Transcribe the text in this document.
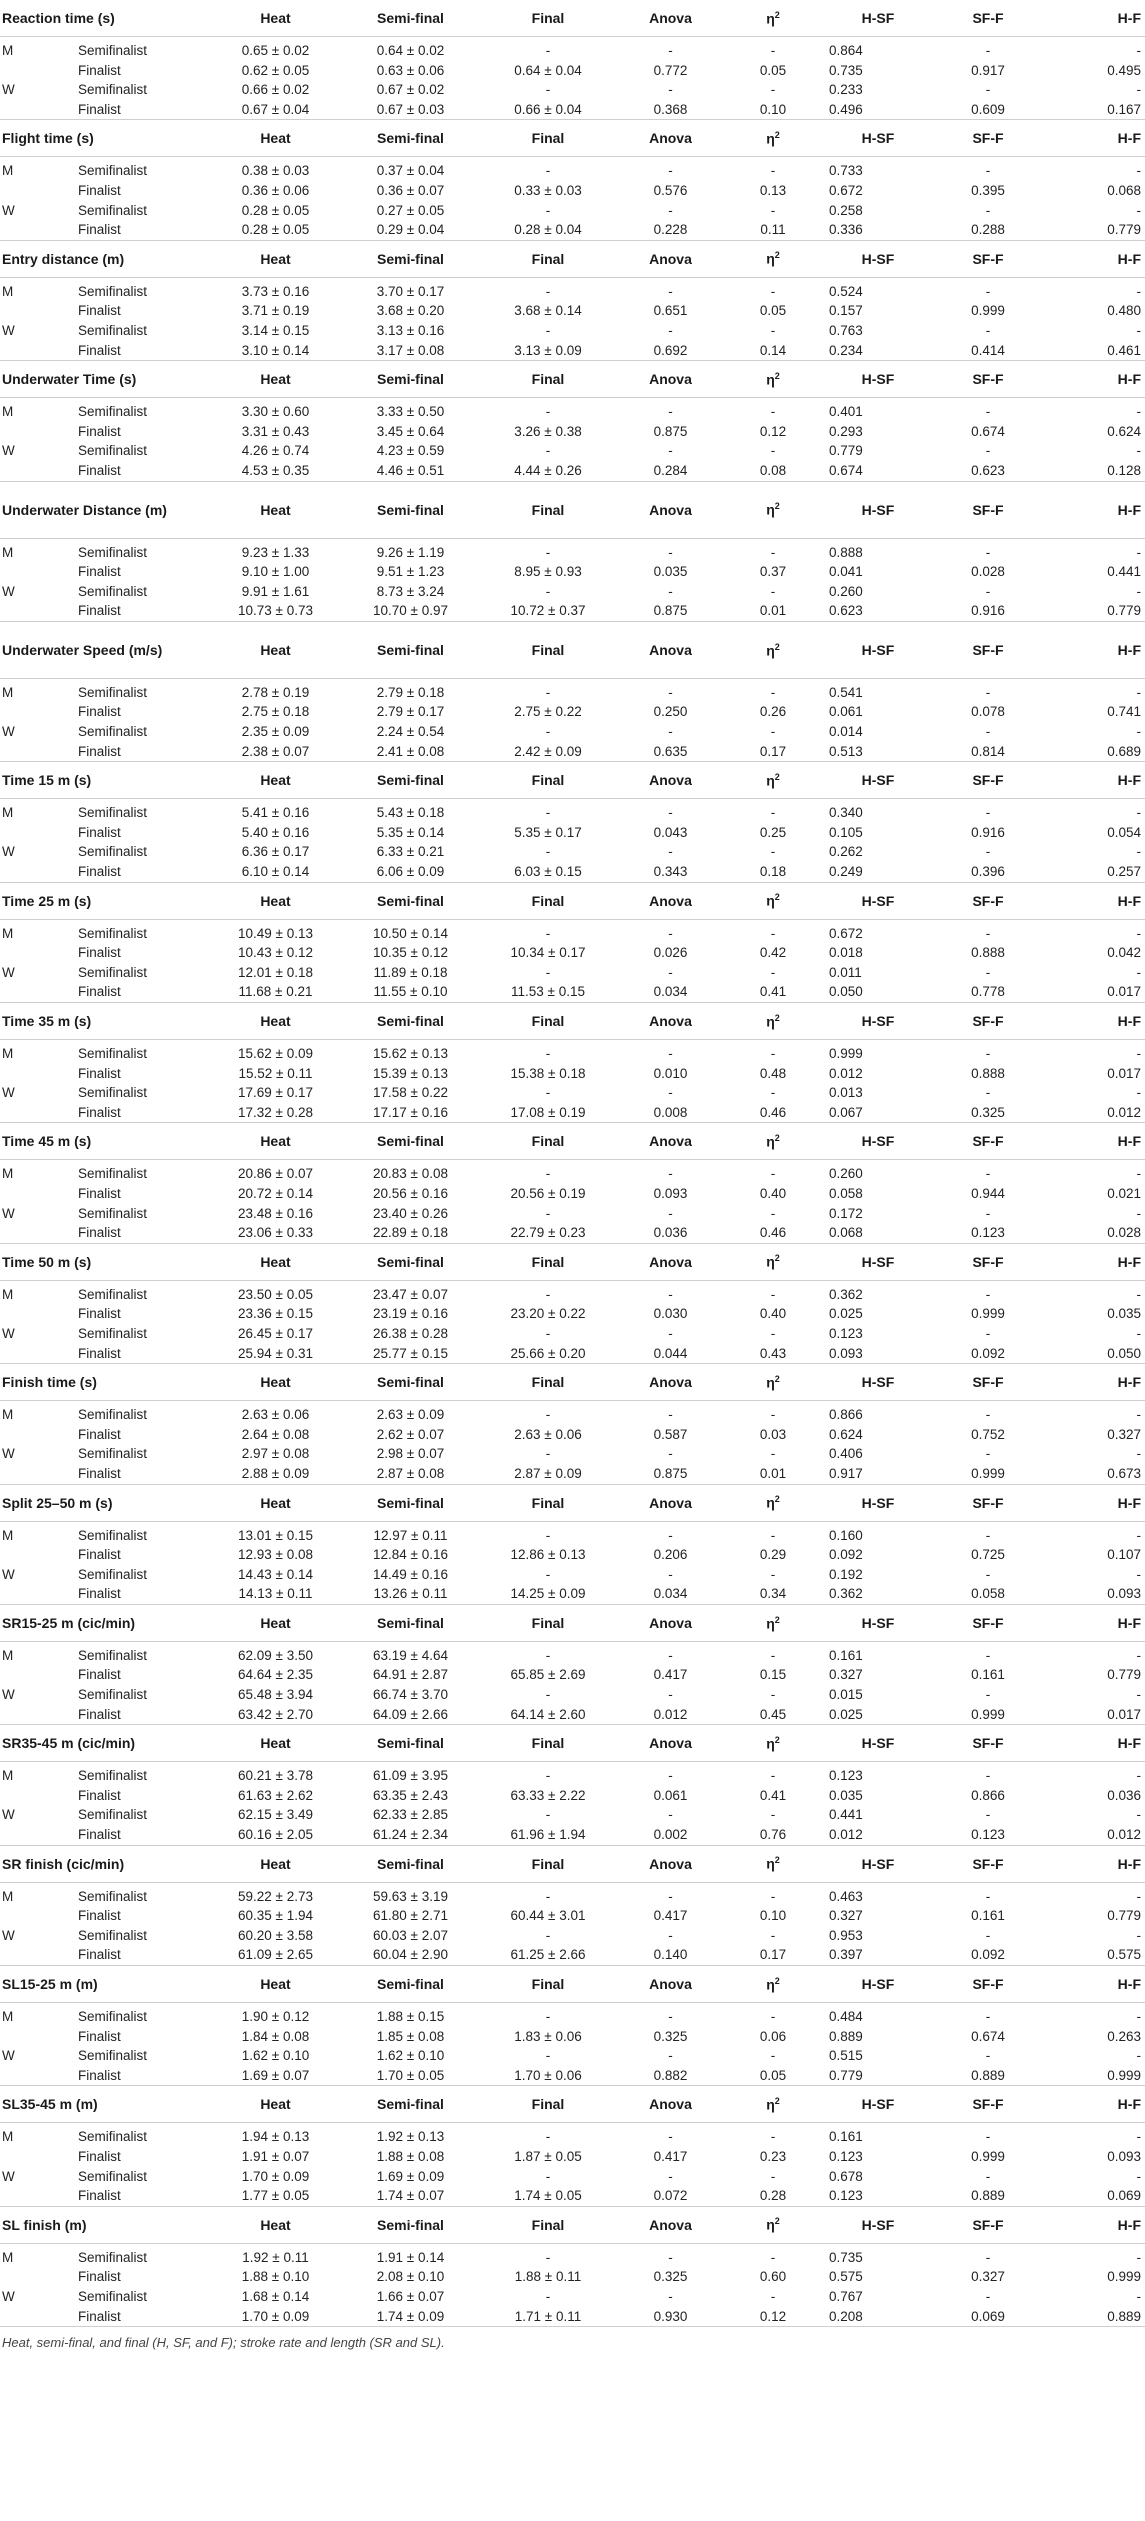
Reaction time (s)		Heat	Semi-final	Final	Anova	$\eta^2$	H-SF	SF-F	H-F

M	Semifinalist	0.65 ± 0.02	0.64 ± 0.02	-	-	-	0.864	-	-
	Finalist	0.62 ± 0.05	0.63 ± 0.06	0.64 ± 0.04	0.772	0.05	0.735	0.917	0.495
W	Semifinalist	0.66 ± 0.02	0.67 ± 0.02	-	-	-	0.233	-	-
	Finalist	0.67 ± 0.04	0.67 ± 0.03	0.66 ± 0.04	0.368	0.10	0.496	0.609	0.167
Flight time (s)		Heat	Semi-final	Final	Anova	$\eta^2$	H-SF	SF-F	H-F

M	Semifinalist	0.38 ± 0.03	0.37 ± 0.04	-	-	-	0.733	-	-
	Finalist	0.36 ± 0.06	0.36 ± 0.07	0.33 ± 0.03	0.576	0.13	0.672	0.395	0.068
W	Semifinalist	0.28 ± 0.05	0.27 ± 0.05	-	-	-	0.258	-	-
	Finalist	0.28 ± 0.05	0.29 ± 0.04	0.28 ± 0.04	0.228	0.11	0.336	0.288	0.779
Entry distance (m)		Heat	Semi-final	Final	Anova	$\eta^2$	H-SF	SF-F	H-F

M	Semifinalist	3.73 ± 0.16	3.70 ± 0.17	-	-	-	0.524	-	-
	Finalist	3.71 ± 0.19	3.68 ± 0.20	3.68 ± 0.14	0.651	0.05	0.157	0.999	0.480
W	Semifinalist	3.14 ± 0.15	3.13 ± 0.16	-	-	-	0.763	-	-
	Finalist	3.10 ± 0.14	3.17 ± 0.08	3.13 ± 0.09	0.692	0.14	0.234	0.414	0.461
Underwater Time (s)		Heat	Semi-final	Final	Anova	$\eta^2$	H-SF	SF-F	H-F

M	Semifinalist	3.30 ± 0.60	3.33 ± 0.50	-	-	-	0.401	-	-
	Finalist	3.31 ± 0.43	3.45 ± 0.64	3.26 ± 0.38	0.875	0.12	0.293	0.674	0.624
W	Semifinalist	4.26 ± 0.74	4.23 ± 0.59	-	-	-	0.779	-	-
	Finalist	4.53 ± 0.35	4.46 ± 0.51	4.44 ± 0.26	0.284	0.08	0.674	0.623	0.128
Underwater Distance (m)		Heat	Semi-final	Final	Anova	$\eta^2$	H-SF	SF-F	H-F

M	Semifinalist	9.23 ± 1.33	9.26 ± 1.19	-	-	-	0.888	-	-
	Finalist	9.10 ± 1.00	9.51 ± 1.23	8.95 ± 0.93	0.035	0.37	0.041	0.028	0.441
W	Semifinalist	9.91 ± 1.61	8.73 ± 3.24	-	-	-	0.260	-	-
	Finalist	10.73 ± 0.73	10.70 ± 0.97	10.72 ± 0.37	0.875	0.01	0.623	0.916	0.779
Underwater Speed (m/s)		Heat	Semi-final	Final	Anova	$\eta^2$	H-SF	SF-F	H-F

M	Semifinalist	2.78 ± 0.19	2.79 ± 0.18	-	-	-	0.541	-	-
	Finalist	2.75 ± 0.18	2.79 ± 0.17	2.75 ± 0.22	0.250	0.26	0.061	0.078	0.741
W	Semifinalist	2.35 ± 0.09	2.24 ± 0.54	-	-	-	0.014	-	-
	Finalist	2.38 ± 0.07	2.41 ± 0.08	2.42 ± 0.09	0.635	0.17	0.513	0.814	0.689
Time 15 m (s)		Heat	Semi-final	Final	Anova	$\eta^2$	H-SF	SF-F	H-F

M	Semifinalist	5.41 ± 0.16	5.43 ± 0.18	-	-	-	0.340	-	-
	Finalist	5.40 ± 0.16	5.35 ± 0.14	5.35 ± 0.17	0.043	0.25	0.105	0.916	0.054
W	Semifinalist	6.36 ± 0.17	6.33 ± 0.21	-	-	-	0.262	-	-
	Finalist	6.10 ± 0.14	6.06 ± 0.09	6.03 ± 0.15	0.343	0.18	0.249	0.396	0.257
Time 25 m (s)		Heat	Semi-final	Final	Anova	$\eta^2$	H-SF	SF-F	H-F

M	Semifinalist	10.49 ± 0.13	10.50 ± 0.14	-	-	-	0.672	-	-
	Finalist	10.43 ± 0.12	10.35 ± 0.12	10.34 ± 0.17	0.026	0.42	0.018	0.888	0.042
W	Semifinalist	12.01 ± 0.18	11.89 ± 0.18	-	-	-	0.011	-	-
	Finalist	11.68 ± 0.21	11.55 ± 0.10	11.53 ± 0.15	0.034	0.41	0.050	0.778	0.017
Time 35 m (s)		Heat	Semi-final	Final	Anova	$\eta^2$	H-SF	SF-F	H-F

M	Semifinalist	15.62 ± 0.09	15.62 ± 0.13	-	-	-	0.999	-	-
	Finalist	15.52 ± 0.11	15.39 ± 0.13	15.38 ± 0.18	0.010	0.48	0.012	0.888	0.017
W	Semifinalist	17.69 ± 0.17	17.58 ± 0.22	-	-	-	0.013	-	-
	Finalist	17.32 ± 0.28	17.17 ± 0.16	17.08 ± 0.19	0.008	0.46	0.067	0.325	0.012
Time 45 m (s)		Heat	Semi-final	Final	Anova	$\eta^2$	H-SF	SF-F	H-F

M	Semifinalist	20.86 ± 0.07	20.83 ± 0.08	-	-	-	0.260	-	-
	Finalist	20.72 ± 0.14	20.56 ± 0.16	20.56 ± 0.19	0.093	0.40	0.058	0.944	0.021
W	Semifinalist	23.48 ± 0.16	23.40 ± 0.26	-	-	-	0.172	-	-
	Finalist	23.06 ± 0.33	22.89 ± 0.18	22.79 ± 0.23	0.036	0.46	0.068	0.123	0.028
Time 50 m (s)		Heat	Semi-final	Final	Anova	$\eta^2$	H-SF	SF-F	H-F

M	Semifinalist	23.50 ± 0.05	23.47 ± 0.07	-	-	-	0.362	-	-
	Finalist	23.36 ± 0.15	23.19 ± 0.16	23.20 ± 0.22	0.030	0.40	0.025	0.999	0.035
W	Semifinalist	26.45 ± 0.17	26.38 ± 0.28	-	-	-	0.123	-	-
	Finalist	25.94 ± 0.31	25.77 ± 0.15	25.66 ± 0.20	0.044	0.43	0.093	0.092	0.050
Finish time (s)		Heat	Semi-final	Final	Anova	$\eta^2$	H-SF	SF-F	H-F

M	Semifinalist	2.63 ± 0.06	2.63 ± 0.09	-	-	-	0.866	-	-
	Finalist	2.64 ± 0.08	2.62 ± 0.07	2.63 ± 0.06	0.587	0.03	0.624	0.752	0.327
W	Semifinalist	2.97 ± 0.08	2.98 ± 0.07	-	-	-	0.406	-	-
	Finalist	2.88 ± 0.09	2.87 ± 0.08	2.87 ± 0.09	0.875	0.01	0.917	0.999	0.673
Split 25–50 m (s)		Heat	Semi-final	Final	Anova	$\eta^2$	H-SF	SF-F	H-F

M	Semifinalist	13.01 ± 0.15	12.97 ± 0.11	-	-	-	0.160	-	-
	Finalist	12.93 ± 0.08	12.84 ± 0.16	12.86 ± 0.13	0.206	0.29	0.092	0.725	0.107
W	Semifinalist	14.43 ± 0.14	14.49 ± 0.16	-	-	-	0.192	-	-
	Finalist	14.13 ± 0.11	13.26 ± 0.11	14.25 ± 0.09	0.034	0.34	0.362	0.058	0.093
SR15-25 m (cic/min)		Heat	Semi-final	Final	Anova	$\eta^2$	H-SF	SF-F	H-F

M	Semifinalist	62.09 ± 3.50	63.19 ± 4.64	-	-	-	0.161	-	-
	Finalist	64.64 ± 2.35	64.91 ± 2.87	65.85 ± 2.69	0.417	0.15	0.327	0.161	0.779
W	Semifinalist	65.48 ± 3.94	66.74 ± 3.70	-	-	-	0.015	-	-
	Finalist	63.42 ± 2.70	64.09 ± 2.66	64.14 ± 2.60	0.012	0.45	0.025	0.999	0.017
SR35-45 m (cic/min)		Heat	Semi-final	Final	Anova	$\eta^2$	H-SF	SF-F	H-F

M	Semifinalist	60.21 ± 3.78	61.09 ± 3.95	-	-	-	0.123	-	-
	Finalist	61.63 ± 2.62	63.35 ± 2.43	63.33 ± 2.22	0.061	0.41	0.035	0.866	0.036
W	Semifinalist	62.15 ± 3.49	62.33 ± 2.85	-	-	-	0.441	-	-
	Finalist	60.16 ± 2.05	61.24 ± 2.34	61.96 ± 1.94	0.002	0.76	0.012	0.123	0.012
SR finish (cic/min)		Heat	Semi-final	Final	Anova	$\eta^2$	H-SF	SF-F	H-F

M	Semifinalist	59.22 ± 2.73	59.63 ± 3.19	-	-	-	0.463	-	-
	Finalist	60.35 ± 1.94	61.80 ± 2.71	60.44 ± 3.01	0.417	0.10	0.327	0.161	0.779
W	Semifinalist	60.20 ± 3.58	60.03 ± 2.07	-	-	-	0.953	-	-
	Finalist	61.09 ± 2.65	60.04 ± 2.90	61.25 ± 2.66	0.140	0.17	0.397	0.092	0.575
SL15-25 m (m)		Heat	Semi-final	Final	Anova	$\eta^2$	H-SF	SF-F	H-F

M	Semifinalist	1.90 ± 0.12	1.88 ± 0.15	-	-	-	0.484	-	-
	Finalist	1.84 ± 0.08	1.85 ± 0.08	1.83 ± 0.06	0.325	0.06	0.889	0.674	0.263
W	Semifinalist	1.62 ± 0.10	1.62 ± 0.10	-	-	-	0.515	-	-
	Finalist	1.69 ± 0.07	1.70 ± 0.05	1.70 ± 0.06	0.882	0.05	0.779	0.889	0.999
SL35-45 m (m)		Heat	Semi-final	Final	Anova	$\eta^2$	H-SF	SF-F	H-F

M	Semifinalist	1.94 ± 0.13	1.92 ± 0.13	-	-	-	0.161	-	-
	Finalist	1.91 ± 0.07	1.88 ± 0.08	1.87 ± 0.05	0.417	0.23	0.123	0.999	0.093
W	Semifinalist	1.70 ± 0.09	1.69 ± 0.09	-	-	-	0.678	-	-
	Finalist	1.77 ± 0.05	1.74 ± 0.07	1.74 ± 0.05	0.072	0.28	0.123	0.889	0.069
SL finish (m)		Heat	Semi-final	Final	Anova	$\eta^2$	H-SF	SF-F	H-F

M	Semifinalist	1.92 ± 0.11	1.91 ± 0.14	-	-	-	0.735	-	-
	Finalist	1.88 ± 0.10	2.08 ± 0.10	1.88 ± 0.11	0.325	0.60	0.575	0.327	0.999
W	Semifinalist	1.68 ± 0.14	1.66 ± 0.07	-	-	-	0.767	-	-
	Finalist	1.70 ± 0.09	1.74 ± 0.09	1.71 ± 0.11	0.930	0.12	0.208	0.069	0.889
Heat, semi-final, and final (H, SF, and F); stroke rate and length (SR and SL).
